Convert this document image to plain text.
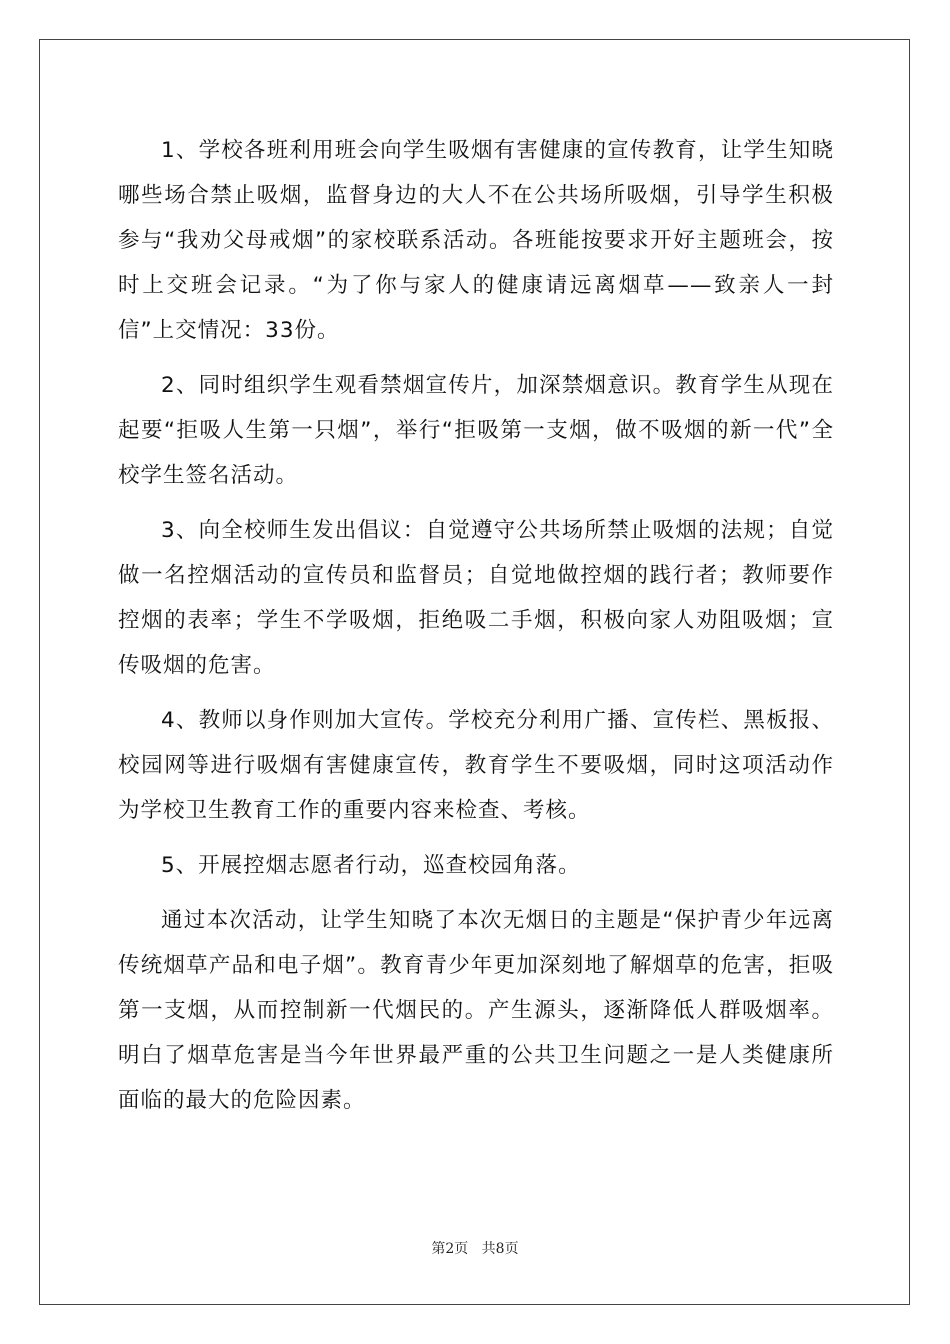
1、学校各班利用班会向学生吸烟有害健康的宣传教育，让学生知晓哪些场合禁止吸烟，监督身边的大人不在公共场所吸烟，引导学生积极参与“我劝父母戒烟”的家校联系活动。各班能按要求开好主题班会，按时上交班会记录。“为了你与家人的健康请远离烟草——致亲人一封信”上交情况：33份。

2、同时组织学生观看禁烟宣传片，加深禁烟意识。教育学生从现在起要“拒吸人生第一只烟”，举行“拒吸第一支烟，做不吸烟的新一代”全校学生签名活动。

3、向全校师生发出倡议：自觉遵守公共场所禁止吸烟的法规；自觉做一名控烟活动的宣传员和监督员；自觉地做控烟的践行者；教师要作控烟的表率；学生不学吸烟，拒绝吸二手烟，积极向家人劝阻吸烟；宣传吸烟的危害。

4、教师以身作则加大宣传。学校充分利用广播、宣传栏、黑板报、校园网等进行吸烟有害健康宣传，教育学生不要吸烟，同时这项活动作为学校卫生教育工作的重要内容来检查、考核。

5、开展控烟志愿者行动，巡查校园角落。

通过本次活动，让学生知晓了本次无烟日的主题是“保护青少年远离传统烟草产品和电子烟”。教育青少年更加深刻地了解烟草的危害，拒吸第一支烟，从而控制新一代烟民的。产生源头，逐渐降低人群吸烟率。明白了烟草危害是当今年世界最严重的公共卫生问题之一是人类健康所面临的最大的危险因素。

第2页 共8页
